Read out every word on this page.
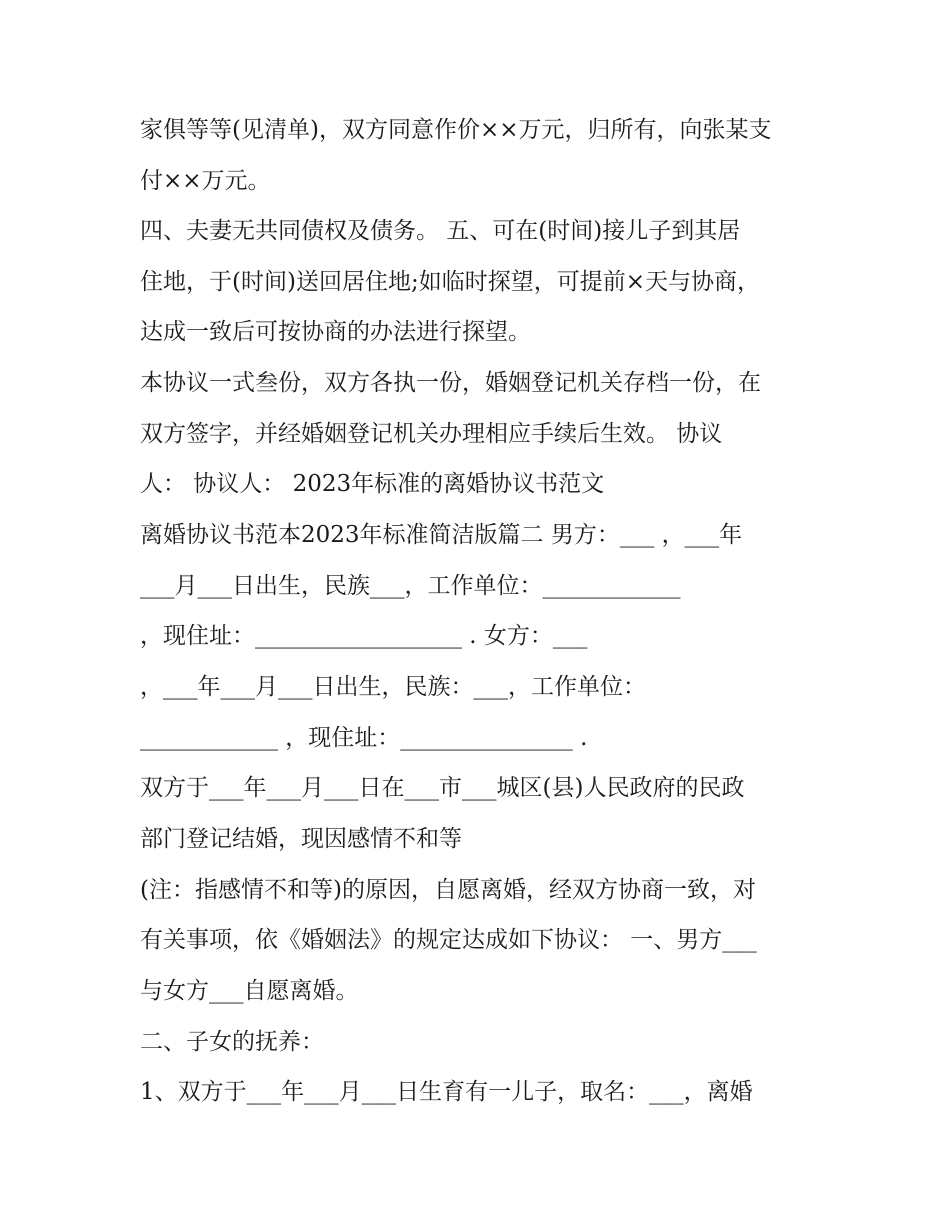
家俱等等(见清单)，双方同意作价××万元，归所有，向张某支
付××万元。
四、夫妻无共同债权及债务。 五、可在(时间)接儿子到其居
住地，于(时间)送回居住地;如临时探望，可提前×天与协商，
达成一致后可按协商的办法进行探望。
本协议一式叁份，双方各执一份，婚姻登记机关存档一份，在
双方签字，并经婚姻登记机关办理相应手续后生效。 协议
人： 协议人： 2023年标准的离婚协议书范文
离婚协议书范本2023年标准简洁版篇二 男方：___ ，___年
___月___日出生，民族___，工作单位：____________
，现住址：__________________ . 女方：___
，___年___月___日出生，民族：___，工作单位：
____________ ，现住址：_______________ .
双方于___年___月___日在___市___城区(县)人民政府的民政
部门登记结婚，现因感情不和等
(注：指感情不和等)的原因，自愿离婚，经双方协商一致，对
有关事项，依《婚姻法》的规定达成如下协议： 一、男方___
与女方___自愿离婚。
二、子女的抚养：
1、双方于___年___月___日生育有一儿子，取名：___，离婚
